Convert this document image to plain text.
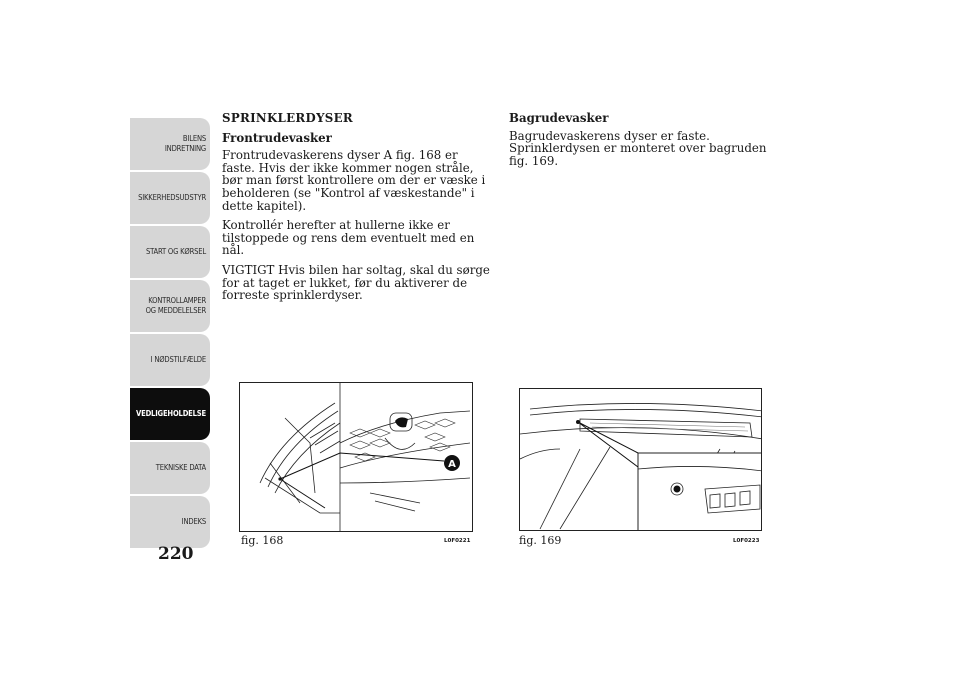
BILENS
INDRETNING
SIKKERHEDSUDSTYR
START OG KØRSEL
KONTROLLAMPER
OG MEDDELELSER
I NØDSTILFÆLDE
VEDLIGEHOLDELSE
TEKNISKE DATA
INDEKS
220
SPRINKLERDYSER
Frontrudevasker

Frontrudevaskerens dyser A fig. 168 er faste. Hvis der ikke kommer nogen stråle, bør man først kontrollere om der er væske i beholderen (se "Kontrol af væskestande" i dette kapitel).

Kontrollér herefter at hullerne ikke er tilstoppede og rens dem eventuelt med en nål.

VIGTIGT Hvis bilen har soltag, skal du sørge for at taget er lukket, før du aktiverer de forreste sprinklerdyser.

Bagrudevasker

Bagrudevaskerens dyser er faste. Sprinklerdysen er monteret over bagruden fig. 169.

A
fig. 168	L0F0221	fig. 169	L0F0223
